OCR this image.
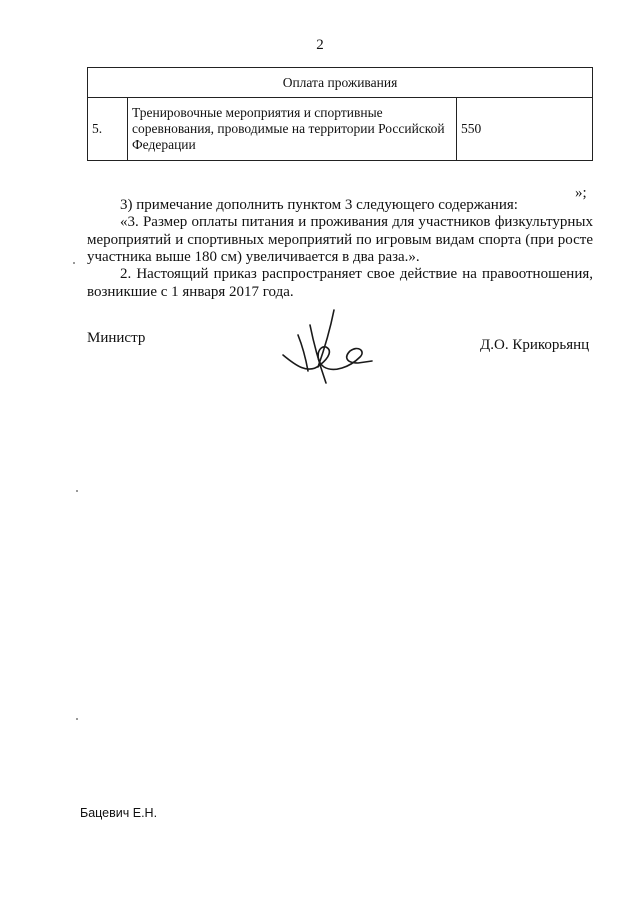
2
Оплата проживания
5.	Тренировочные мероприятия и спортивные соревнования, проводимые на территории Российской Федерации	550
»;
3) примечание дополнить пунктом 3 следующего содержания:
«3. Размер оплаты питания и проживания для участников физкультурных мероприятий и спортивных мероприятий по игровым видам спорта (при росте участника выше 180 см) увеличивается в два раза.».
2. Настоящий приказ распространяет свое действие на правоотношения, возникшие с 1 января 2017 года.
Министр	Д.О. Крикорьянц
Бацевич Е.Н.
